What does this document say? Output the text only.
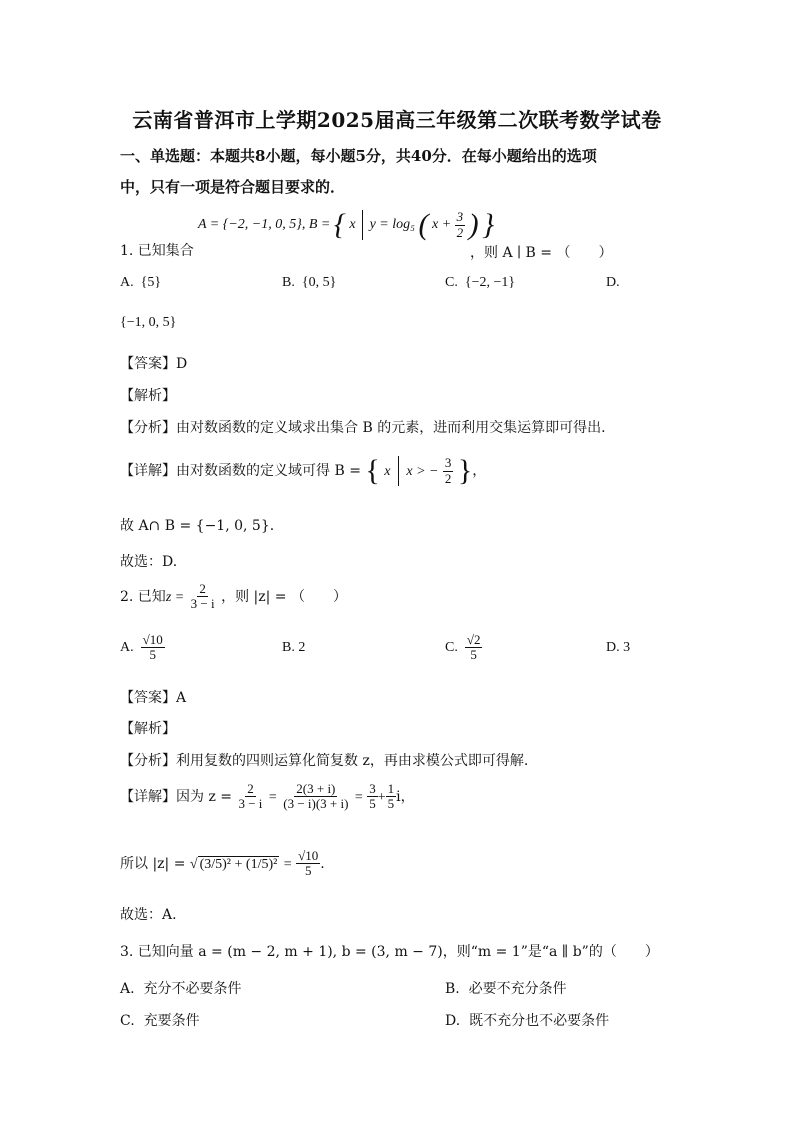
云南省普洱市上学期2025届高三年级第二次联考数学试卷
一、单选题：本题共8小题，每小题5分，共40分．在每小题给出的选项
中，只有一项是符合题目要求的．
1. 已知集合
A = {−2, −1, 0, 5}, B = { x y = log₅ ( $x + \frac{3}{2}$ ) }
，则 A ∣ B = （　　）
A. {5}	B. {0, 5}	C. {−2, −1}	D.
{−1, 0, 5}
【答案】D
【解析】
【分析】由对数函数的定义域求出集合 B 的元素，进而利用交集运算即可得出.
【详解】由对数函数的定义域可得 B = { x x > − $\frac{3}{2}$ }，
故 A∩ B = {−1, 0, 5}.
故选：D.
2. 已知$z = \frac{2}{3 - i}$ ，则 |z| = （　　）
A. $\frac{√10}{5}$	B. 2	C. $\frac{√2}{5}$	D. 3
【答案】A
【解析】
【分析】利用复数的四则运算化简复数 z，再由求模公式即可得解.
【详解】因为 $z = \frac{2}{3 - i} = \frac{2(3 + i)}{(3 - i)(3 + i)} = \frac{3}{5} + \frac{1}{5}$ i，
所以 |z| = √ $(3/5)^2 + (1/5)^2 = \frac{√10}{5}$ .
故选：A.
3. 已知向量 a = (m − 2, m + 1), b = (3, m − 7)，则“m = 1”是“a ∥ b”的（　　）
A. 充分不必要条件	B. 必要不充分条件
C. 充要条件	D. 既不充分也不必要条件
